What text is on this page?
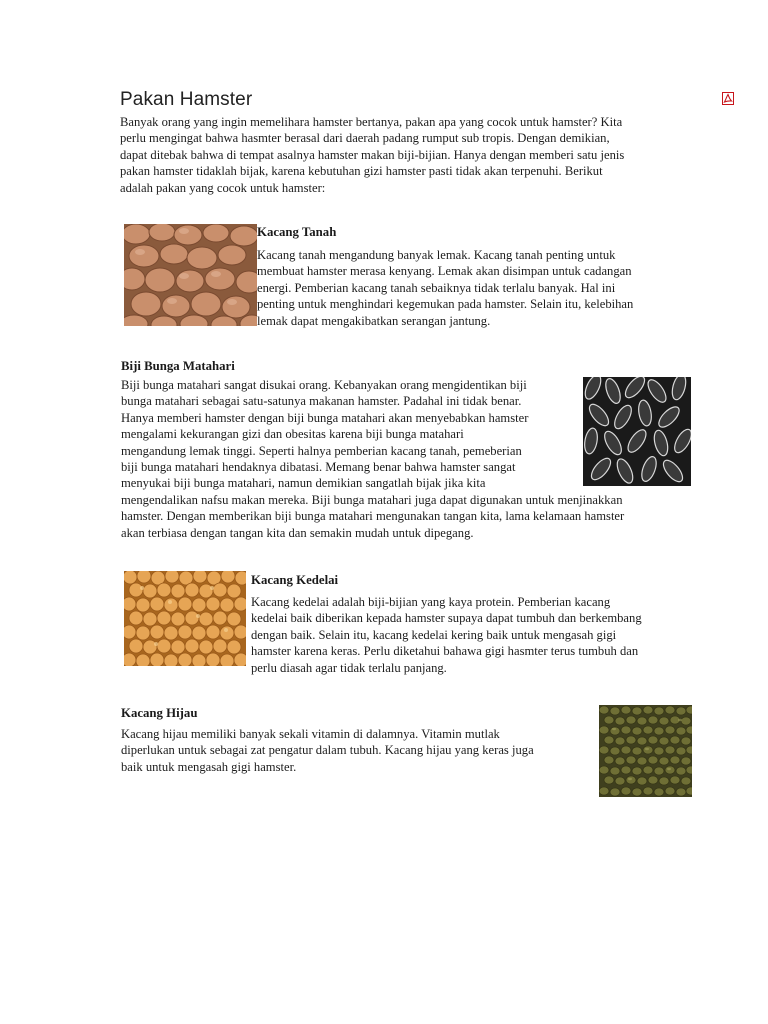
Pakan Hamster

Banyak orang yang ingin memelihara hamster bertanya, pakan apa yang cocok untuk hamster? Kita
perlu mengingat bahwa hasmter berasal dari daerah padang rumput sub tropis. Dengan demikian,
dapat ditebak bahwa di tempat asalnya hamster makan biji-bijian. Hanya dengan memberi satu jenis
pakan hamster tidaklah bijak, karena kebutuhan gizi hamster pasti tidak akan terpenuhi. Berikut
adalah pakan yang cocok untuk hamster:

Kacang Tanah

Kacang tanah mengandung banyak lemak. Kacang tanah penting untuk
membuat hamster merasa kenyang. Lemak akan disimpan untuk cadangan
energi. Pemberian kacang tanah sebaiknya tidak terlalu banyak. Hal ini
penting untuk menghindari kegemukan pada hamster. Selain itu, kelebihan
lemak dapat mengakibatkan serangan jantung.

Biji Bunga Matahari

Biji bunga matahari sangat disukai orang. Kebanyakan orang mengidentikan biji
bunga matahari sebagai satu-satunya makanan hamster. Padahal ini tidak benar.
Hanya memberi hamster dengan biji bunga matahari akan menyebabkan hamster
mengalami kekurangan gizi dan obesitas karena biji bunga matahari
mengandung lemak tinggi. Seperti halnya pemberian kacang tanah, pemeberian
biji bunga matahari hendaknya dibatasi. Memang benar bahwa hamster sangat
menyukai biji bunga matahari, namun demikian sangatlah bijak jika kita
mengendalikan nafsu makan mereka. Biji bunga matahari juga dapat digunakan untuk menjinakkan
hamster. Dengan memberikan biji bunga matahari mengunakan tangan kita, lama kelamaan hamster
akan terbiasa dengan tangan kita dan semakin mudah untuk dipegang.

Kacang Kedelai

Kacang kedelai adalah biji-bijian yang kaya protein. Pemberian kacang
kedelai baik diberikan kepada hamster supaya dapat tumbuh dan berkembang
dengan baik. Selain itu, kacang kedelai kering baik untuk mengasah gigi
hamster karena keras. Perlu diketahui bahawa gigi hasmter terus tumbuh dan
perlu diasah agar tidak terlalu panjang.

Kacang Hijau

Kacang hijau memiliki banyak sekali vitamin di dalamnya. Vitamin mutlak
diperlukan untuk sebagai zat pengatur dalam tubuh. Kacang hijau yang keras juga
baik untuk mengasah gigi hamster.
